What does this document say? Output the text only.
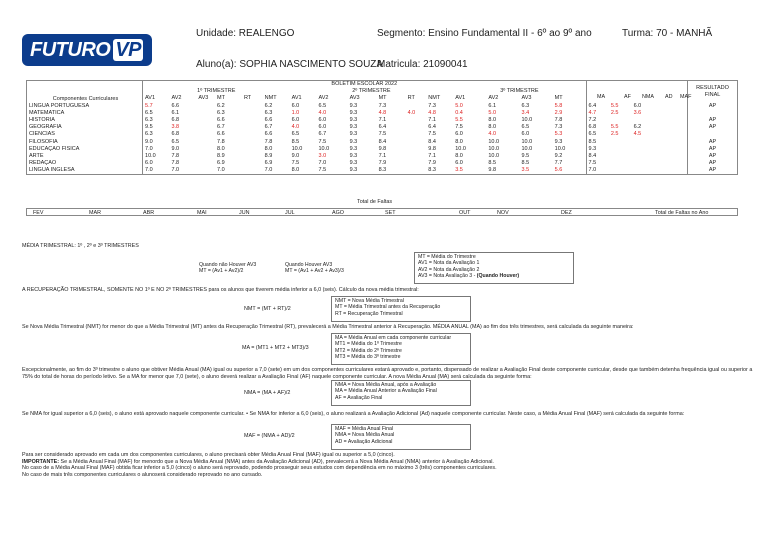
FUTURO VP
Unidade: REALENGO	Segmento: Ensino Fundamental II - 6º ao 9º ano	Turma: 70 - MANHÃ
Aluno(a): SOPHIA NASCIMENTO SOUZA
Matricula: 21090041
Componentes Curriculares	BOLETIM ESCOLAR 2022																					RESULTADO FINAL
	1º TRIMESTRE						2º TRIMESTRE						3º TRIMESTRE									
	AV1	AV2	AV3	MT	RT	NMT	AV1	AV2	AV3	MT	RT	NMT	AV1	AV2	AV3	MT						
LINGUA PORTUGUESA	5.7	6.6		6.2		6.2	6.0	6.5	9.3	7.3		7.3	5.0	6.1	6.3	5.8	6.4	5.5	6.0			AP
MATEMATICA	6.5	6.1		6.3		6.3	1.0	4.0	9.3	4.8	4.0	4.8	0.4	5.0	3.4	2.9	4.7	2.5	3.6			
HISTORIA	6.3	6.8		6.6		6.6	6.0	6.0	9.3	7.1		7.1	5.5	8.0	10.0	7.8	7.2					AP
GEOGRAFIA	9.5	3.8		6.7		6.7	4.0	6.0	9.3	6.4		6.4	7.5	8.0	6.5	7.3	6.8	5.5	6.2			AP
CIÊNCIAS	6.3	6.8		6.6		6.6	6.5	6.7	9.3	7.5		7.5	6.0	4.0	6.0	5.3	6.5	2.5	4.5			
FILOSOFIA	9.0	6.5		7.8		7.8	8.5	7.5	9.3	8.4		8.4	8.0	10.0	10.0	9.3	8.5					AP
EDUCAÇÃO FISICA	7.0	9.0		8.0		8.0	10.0	10.0	9.3	9.8		9.8	10.0	10.0	10.0	10.0	9.3					AP
ARTE	10.0	7.8		8.9		8.9	9.0	3.0	9.3	7.1		7.1	8.0	10.0	9.5	9.2	8.4					AP
REDAÇÃO	6.0	7.8		6.9		6.9	7.5	7.0	9.3	7.9		7.9	6.0	8.5	8.5	7.7	7.5					AP
LINGUA INGLESA	7.0	7.0		7.0		7.0	8.0	7.5	9.3	8.3		8.3	3.5	9.8	3.5	5.6	7.0					AP
MA	AF NMA AD MAF
Total de Faltas
FEV	MAR	ABR	MAI	JUN	JUL	AGO	SET	OUT	NOV	DEZ	Total de Faltas no Ano
MÉDIA TRIMESTRAL: 1º , 2º e 3º TRIMESTRES
Quando não Houver AV3
MT = (Av1 + Av2)/2
Quando Houver AV3
MT = (Av1 + Av2 + Av3)/3
MT = Média do Trimestre
AV1 = Nota da Avaliação 1
AV2 = Nota da Avaliação 2
AV3 = Nota Avaliação 3 - (Quando Houver)
A RECUPERAÇÃO TRIMESTRAL, SOMENTE NO 1º E NO 2º TRIMESTRES para os alunos que tiverem média inferior a 6,0 (seis). Cálculo da nova média trimestral:
NMT = (MT + RT)/2
NMT = Nova Média Trimestral
MT = Média Trimestral antes da Recuperação
RT = Recuperação Trimestral
Se Nova Média Trimestral (NMT) for menor do que a Média Trimestral (MT) antes da Recuperação Trimestral (RT), prevalecerá a Média Trimestral anterior à Recuperação. MÉDIA ANUAL (MA) ao fim dos três trimestres, será calculada da seguinte maneira:
MA = (MT1 + MT2 + MT3)/3
MA = Média Anual em cada componente curricular
MT1 = Média do 1º Trimestre
MT2 = Média do 2º Trimestre
MT3 = Média do 3º trimestre
Excepcionalmente, ao fim do 3º trimestre o aluno que obtiver Média Anual (MA) igual ou superior a 7,0 (sete) em um dos componentes curriculares estará aprovado e, portanto, dispensado de realizar a Avaliação Final deste componente curricular, desde que também detenha frequência igual ou superior a 75% do total de horas do período letivo. Se a MA for menor que 7,0 (sete), o aluno deverá realizar a Avaliação Final (AF) naquele componente curricular. A nova Média Anual (MA) será calculada da seguinte forma:
NMA = (MA + AF)/2
NMA = Nova Média Anual, após a Avaliação
MA = Média Anual Anterior a Avaliação Final
AF = Avaliação Final
Se NMA for igual superior a 6,0 (seis), o aluno está aprovado naquele componente curricular. • Se NMA for inferior a 6,0 (seis), o aluno realizará a Avaliação Adicional (Ad) naquele componente curricular. Neste caso, a Média Anual Final (MAF) será calculada da seguinte forma:
MAF = (NMA + AD)/2
MAF = Média Anual Final
NMA = Nova Média Anual
AD = Avaliação Adicional
Para ser considerado aprovado em cada um dos componentes curriculares, o aluno precisará obter Média Anual Final (MAF) igual ou superior a 5,0 (cinco).
IMPORTANTE: Se a Média Anual Final (MAF) for menordo que a Nova Média Anual (NMA) antes da Avaliação Adicional (AD), prevalecerá a Nova Média Anual (NMA) anterior à Avaliação Adicional.
No caso de a Média Anual Final (MAF) obtida ficar inferior a 5,0 (cinco) o aluno será reprovado, podendo prosseguir seus estudos com dependência em no máximo 3 (três) componentes curriculares.
No caso de mais três componentes curriculares o alunoserá considerado reprovado no ano cursado.
